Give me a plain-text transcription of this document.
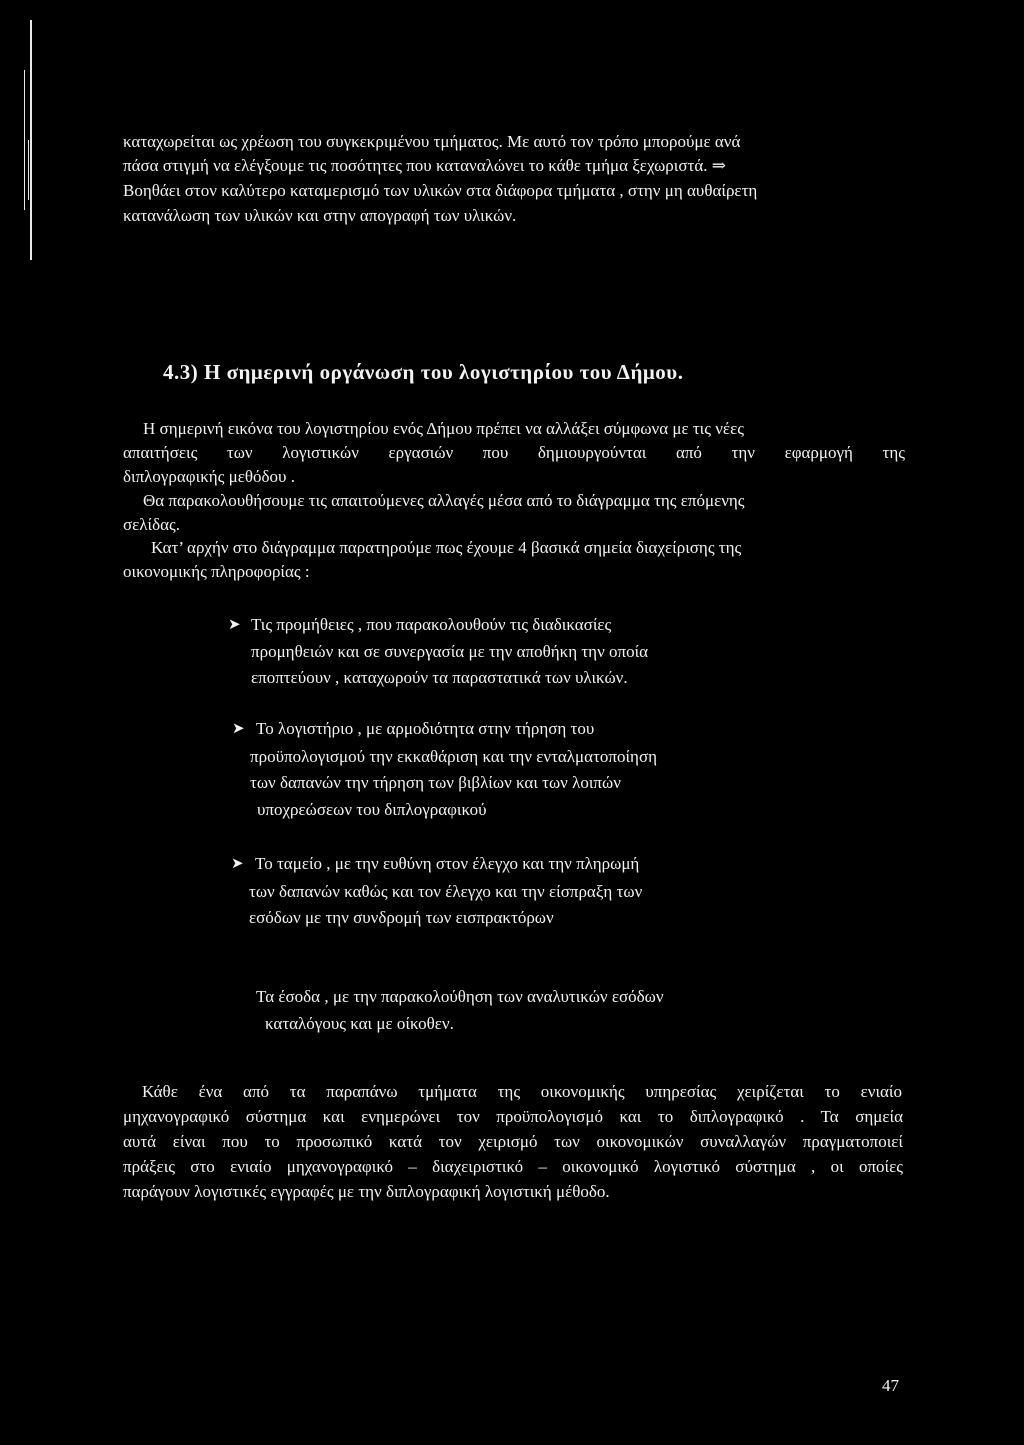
καταχωρείται ως χρέωση του συγκεκριμένου τμήματος. Με αυτό τον τρόπο μπορούμε ανά
πάσα στιγμή να ελέγξουμε τις ποσότητες που καταναλώνει το κάθε τμήμα ξεχωριστά. ⇒
Βοηθάει στον καλύτερο καταμερισμό των υλικών στα διάφορα τμήματα , στην μη αυθαίρετη
κατανάλωση των υλικών και στην απογραφή των υλικών.
4.3) Η σημερινή οργάνωση του λογιστηρίου του Δήμου.
Η σημερινή εικόνα του λογιστηρίου ενός Δήμου πρέπει να αλλάξει σύμφωνα με τις νέες
απαιτήσεις των λογιστικών εργασιών που δημιουργούνται από την εφαρμογή της
διπλογραφικής μεθόδου .
Θα παρακολουθήσουμε τις απαιτούμενες αλλαγές μέσα από το διάγραμμα της επόμενης
σελίδας.
Κατ’ αρχήν στο διάγραμμα παρατηρούμε πως έχουμε 4 βασικά σημεία διαχείρισης της
οικονομικής πληροφορίας :
➤ Τις προμήθειες , που παρακολουθούν τις διαδικασίες
προμηθειών και σε συνεργασία με την αποθήκη την οποία
εποπτεύουν , καταχωρούν τα παραστατικά των υλικών.
➤ Το λογιστήριο , με αρμοδιότητα στην τήρηση του
προϋπολογισμού την εκκαθάριση και την ενταλματοποίηση
των δαπανών την τήρηση των βιβλίων και των λοιπών
υποχρεώσεων του διπλογραφικού
➤ Το ταμείο , με την ευθύνη στον έλεγχο και την πληρωμή
των δαπανών καθώς και τον έλεγχο και την είσπραξη των
εσόδων με την συνδρομή των εισπρακτόρων
Τα έσοδα , με την παρακολούθηση των αναλυτικών εσόδων
καταλόγους και με οίκοθεν.
Κάθε ένα από τα παραπάνω τμήματα της οικονομικής υπηρεσίας χειρίζεται το ενιαίο
μηχανογραφικό σύστημα και ενημερώνει τον προϋπολογισμό και το διπλογραφικό . Τα σημεία
αυτά είναι που το προσωπικό κατά τον χειρισμό των οικονομικών συναλλαγών πραγματοποιεί
πράξεις στο ενιαίο μηχανογραφικό – διαχειριστικό – οικονομικό λογιστικό σύστημα , οι οποίες
παράγουν λογιστικές εγγραφές με την διπλογραφική λογιστική μέθοδο.
47
